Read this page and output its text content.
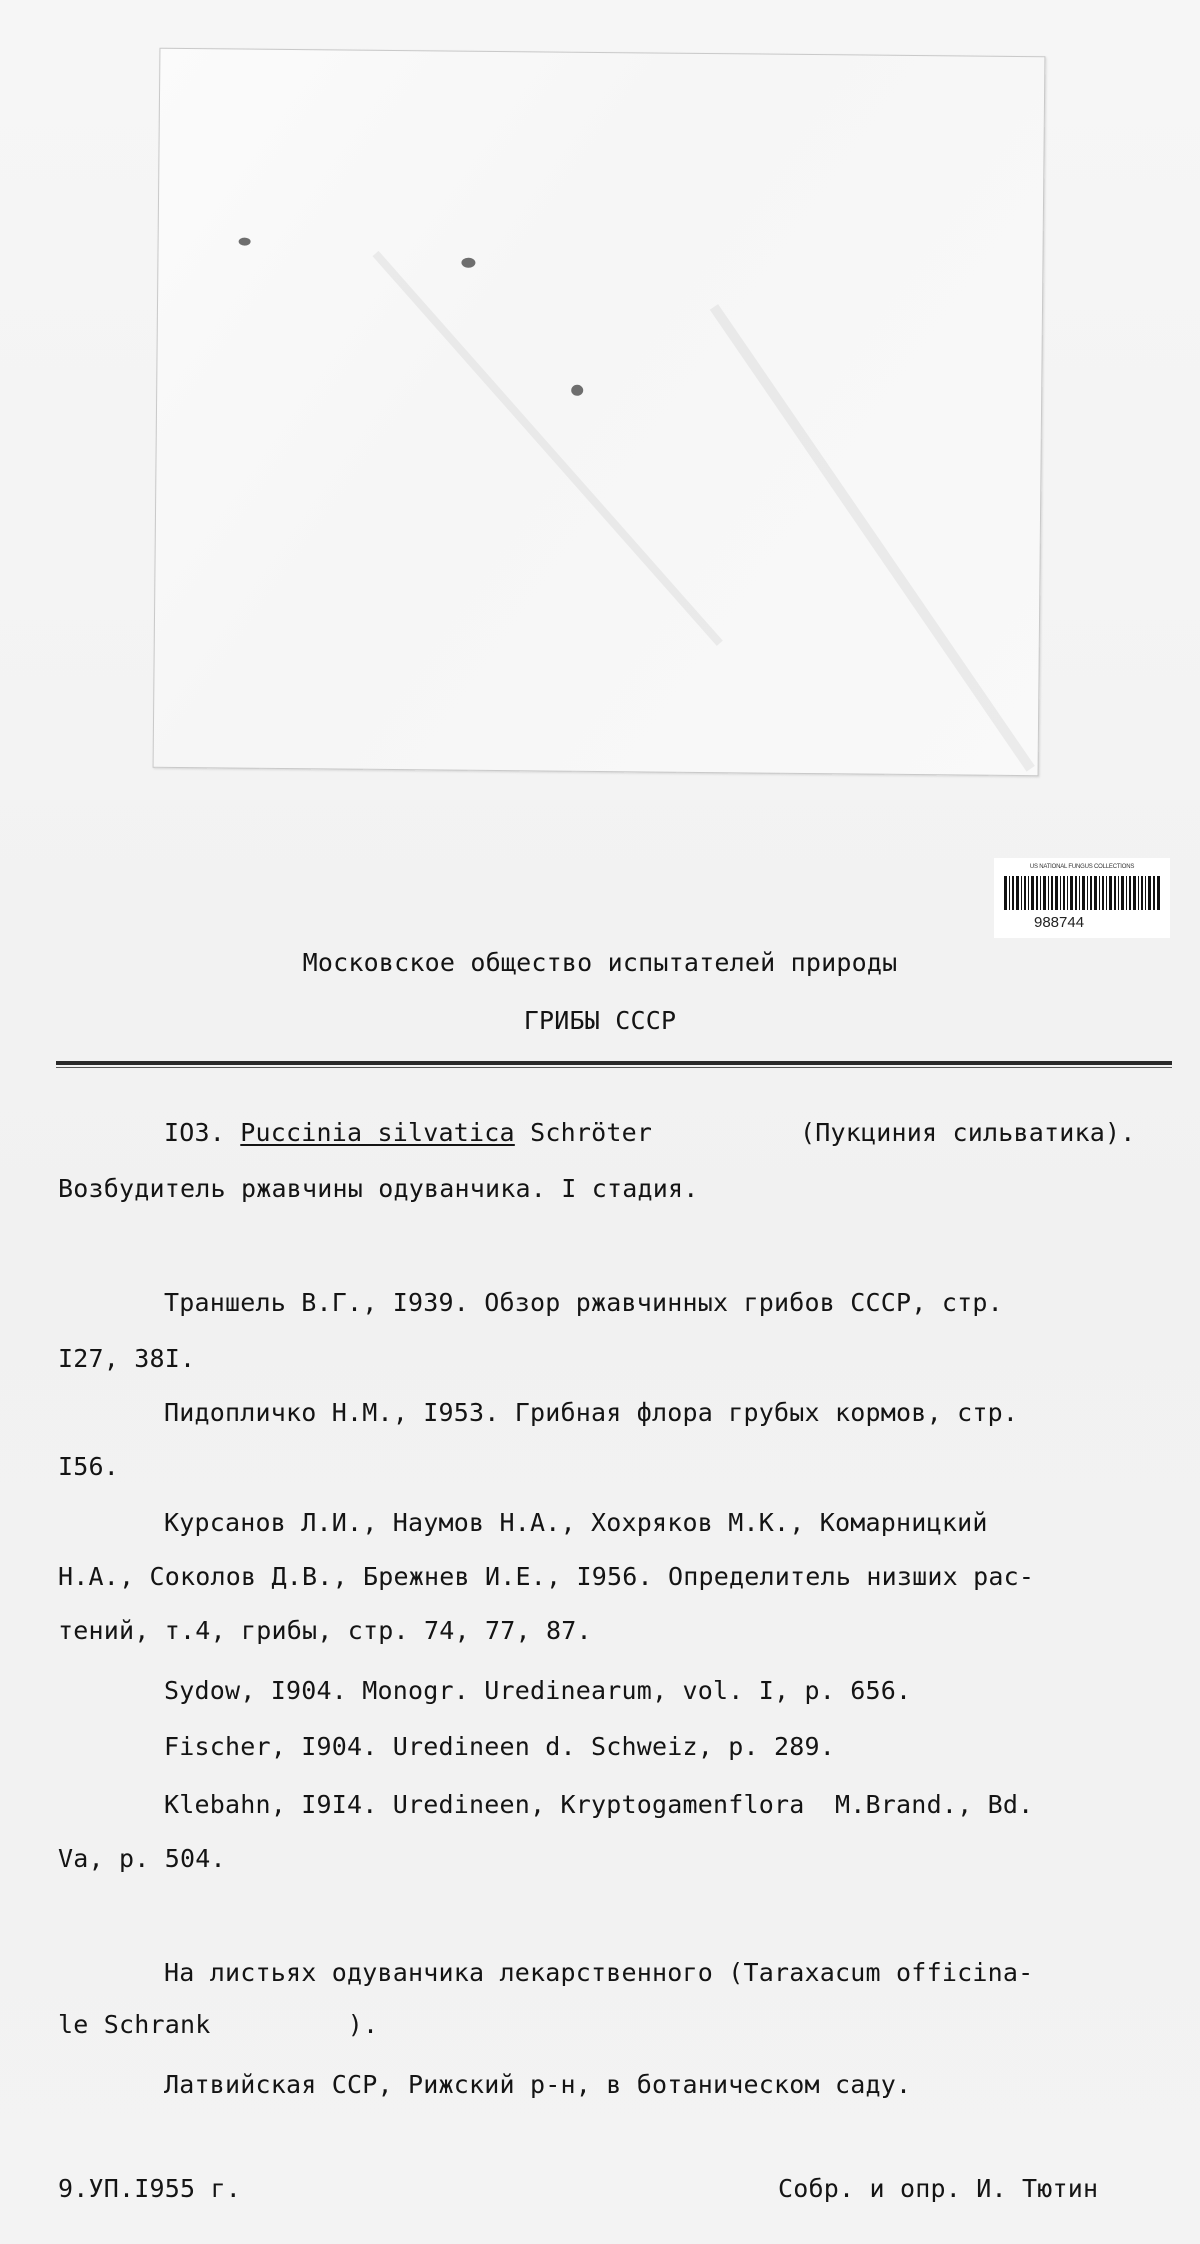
US NATIONAL FUNGUS COLLECTIONS
988744
Московское общество испытателей природы
ГРИБЫ СССР
IO3. Puccinia silvatica Schröter	(Пукциния сильватика).
Возбудитель ржавчины одуванчика. I стадия.
Траншель В.Г., I939. Обзор ржавчинных грибов СССР, стр.
I27, 38I.
Пидопличко Н.М., I953. Грибная флора грубых кормов, стр.
I56.
Курсанов Л.И., Наумов Н.А., Хохряков М.К., Комарницкий
Н.А., Соколов Д.В., Брежнев И.Е., I956. Определитель низших рас-
тений, т.4, грибы, стр. 74, 77, 87.
Sydow, I904. Monogr. Uredinearum, vol. I, p. 656.
Fischer, I904. Uredineen d. Schweiz, p. 289.
Klebahn, I9I4. Uredineen, Kryptogamenflora  M.Brand., Bd.
Va, p. 504.
На листьях одуванчика лекарственного (Taraxacum officina-
le Schrank         ).
Латвийская ССР, Рижский р-н, в ботаническом саду.
9.УП.I955 г.	Собр. и опр. И. Тютин
